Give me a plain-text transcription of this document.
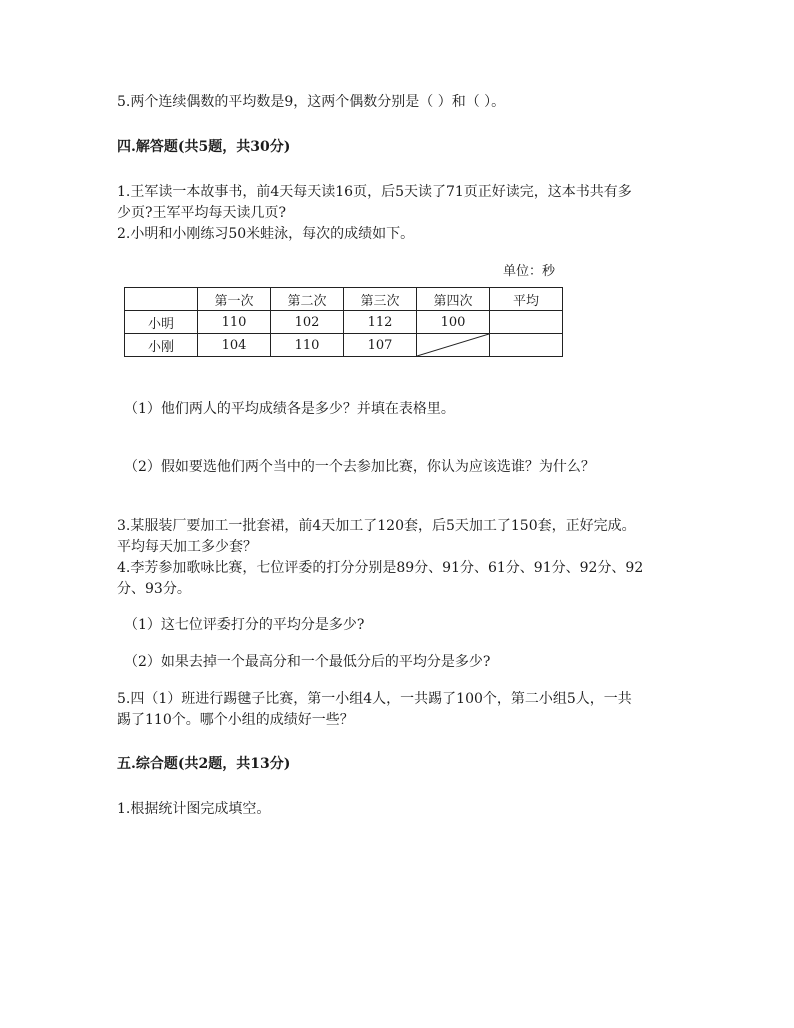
5.两个连续偶数的平均数是9，这两个偶数分别是（ ）和（ ）。
四.解答题(共5题，共30分)
1.王军读一本故事书，前4天每天读16页，后5天读了71页正好读完，这本书共有多
少页?王军平均每天读几页?
2.小明和小刚练习50米蛙泳，每次的成绩如下。
单位：秒
	第一次	第二次	第三次	第四次	平均
小明	110	102	112	100	
小刚	104	110	107	

（1）他们两人的平均成绩各是多少？并填在表格里。
（2）假如要选他们两个当中的一个去参加比赛，你认为应该选谁？为什么？
3.某服装厂要加工一批套裙，前4天加工了120套，后5天加工了150套，正好完成。
平均每天加工多少套？
4.李芳参加歌咏比赛，七位评委的打分分别是89分、91分、61分、91分、92分、92
分、93分。
（1）这七位评委打分的平均分是多少?
（2）如果去掉一个最高分和一个最低分后的平均分是多少?
5.四（1）班进行踢毽子比赛，第一小组4人，一共踢了100个，第二小组5人，一共
踢了110个。哪个小组的成绩好一些？
五.综合题(共2题，共13分)
1.根据统计图完成填空。
